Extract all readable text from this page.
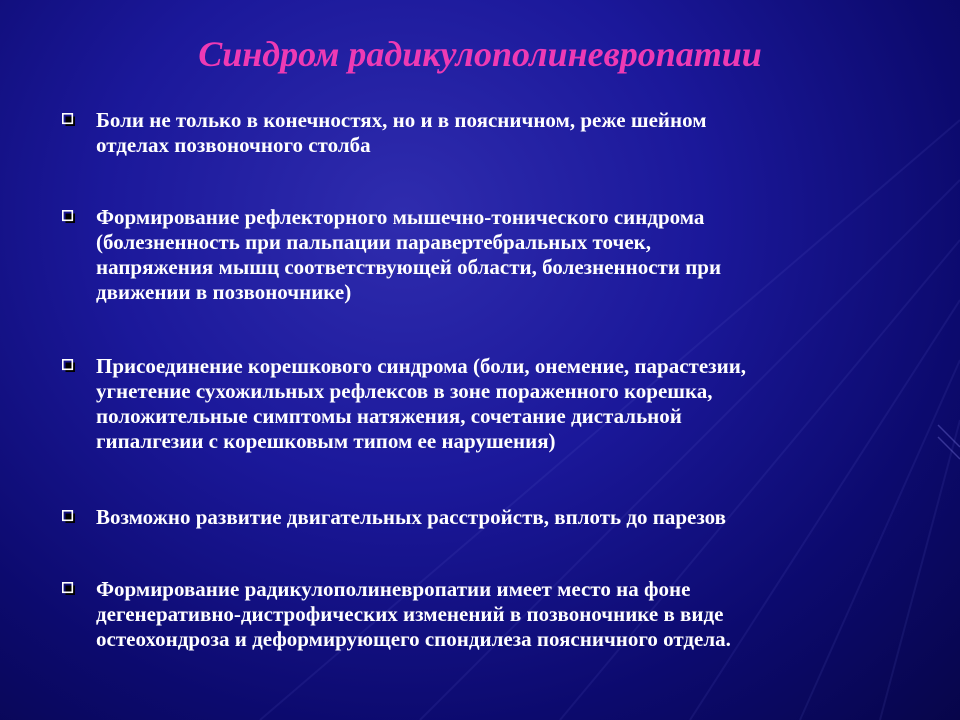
Синдром радикулополиневропатии
Боли не только в конечностях, но и в поясничном, реже шейном
отделах позвоночного столба
Формирование рефлекторного мышечно-тонического синдрома
(болезненность при пальпации паравертебральных точек,
напряжения мышц соответствующей области, болезненности при
движении в позвоночнике)
Присоединение корешкового синдрома (боли, онемение, парастезии,
угнетение сухожильных рефлексов в зоне пораженного корешка,
положительные симптомы натяжения, сочетание дистальной
гипалгезии с корешковым типом ее нарушения)
Возможно развитие двигательных расстройств, вплоть до парезов
Формирование радикулополиневропатии имеет место на фоне
дегенеративно-дистрофических изменений в позвоночнике в виде
остеохондроза и деформирующего спондилеза поясничного отдела.
